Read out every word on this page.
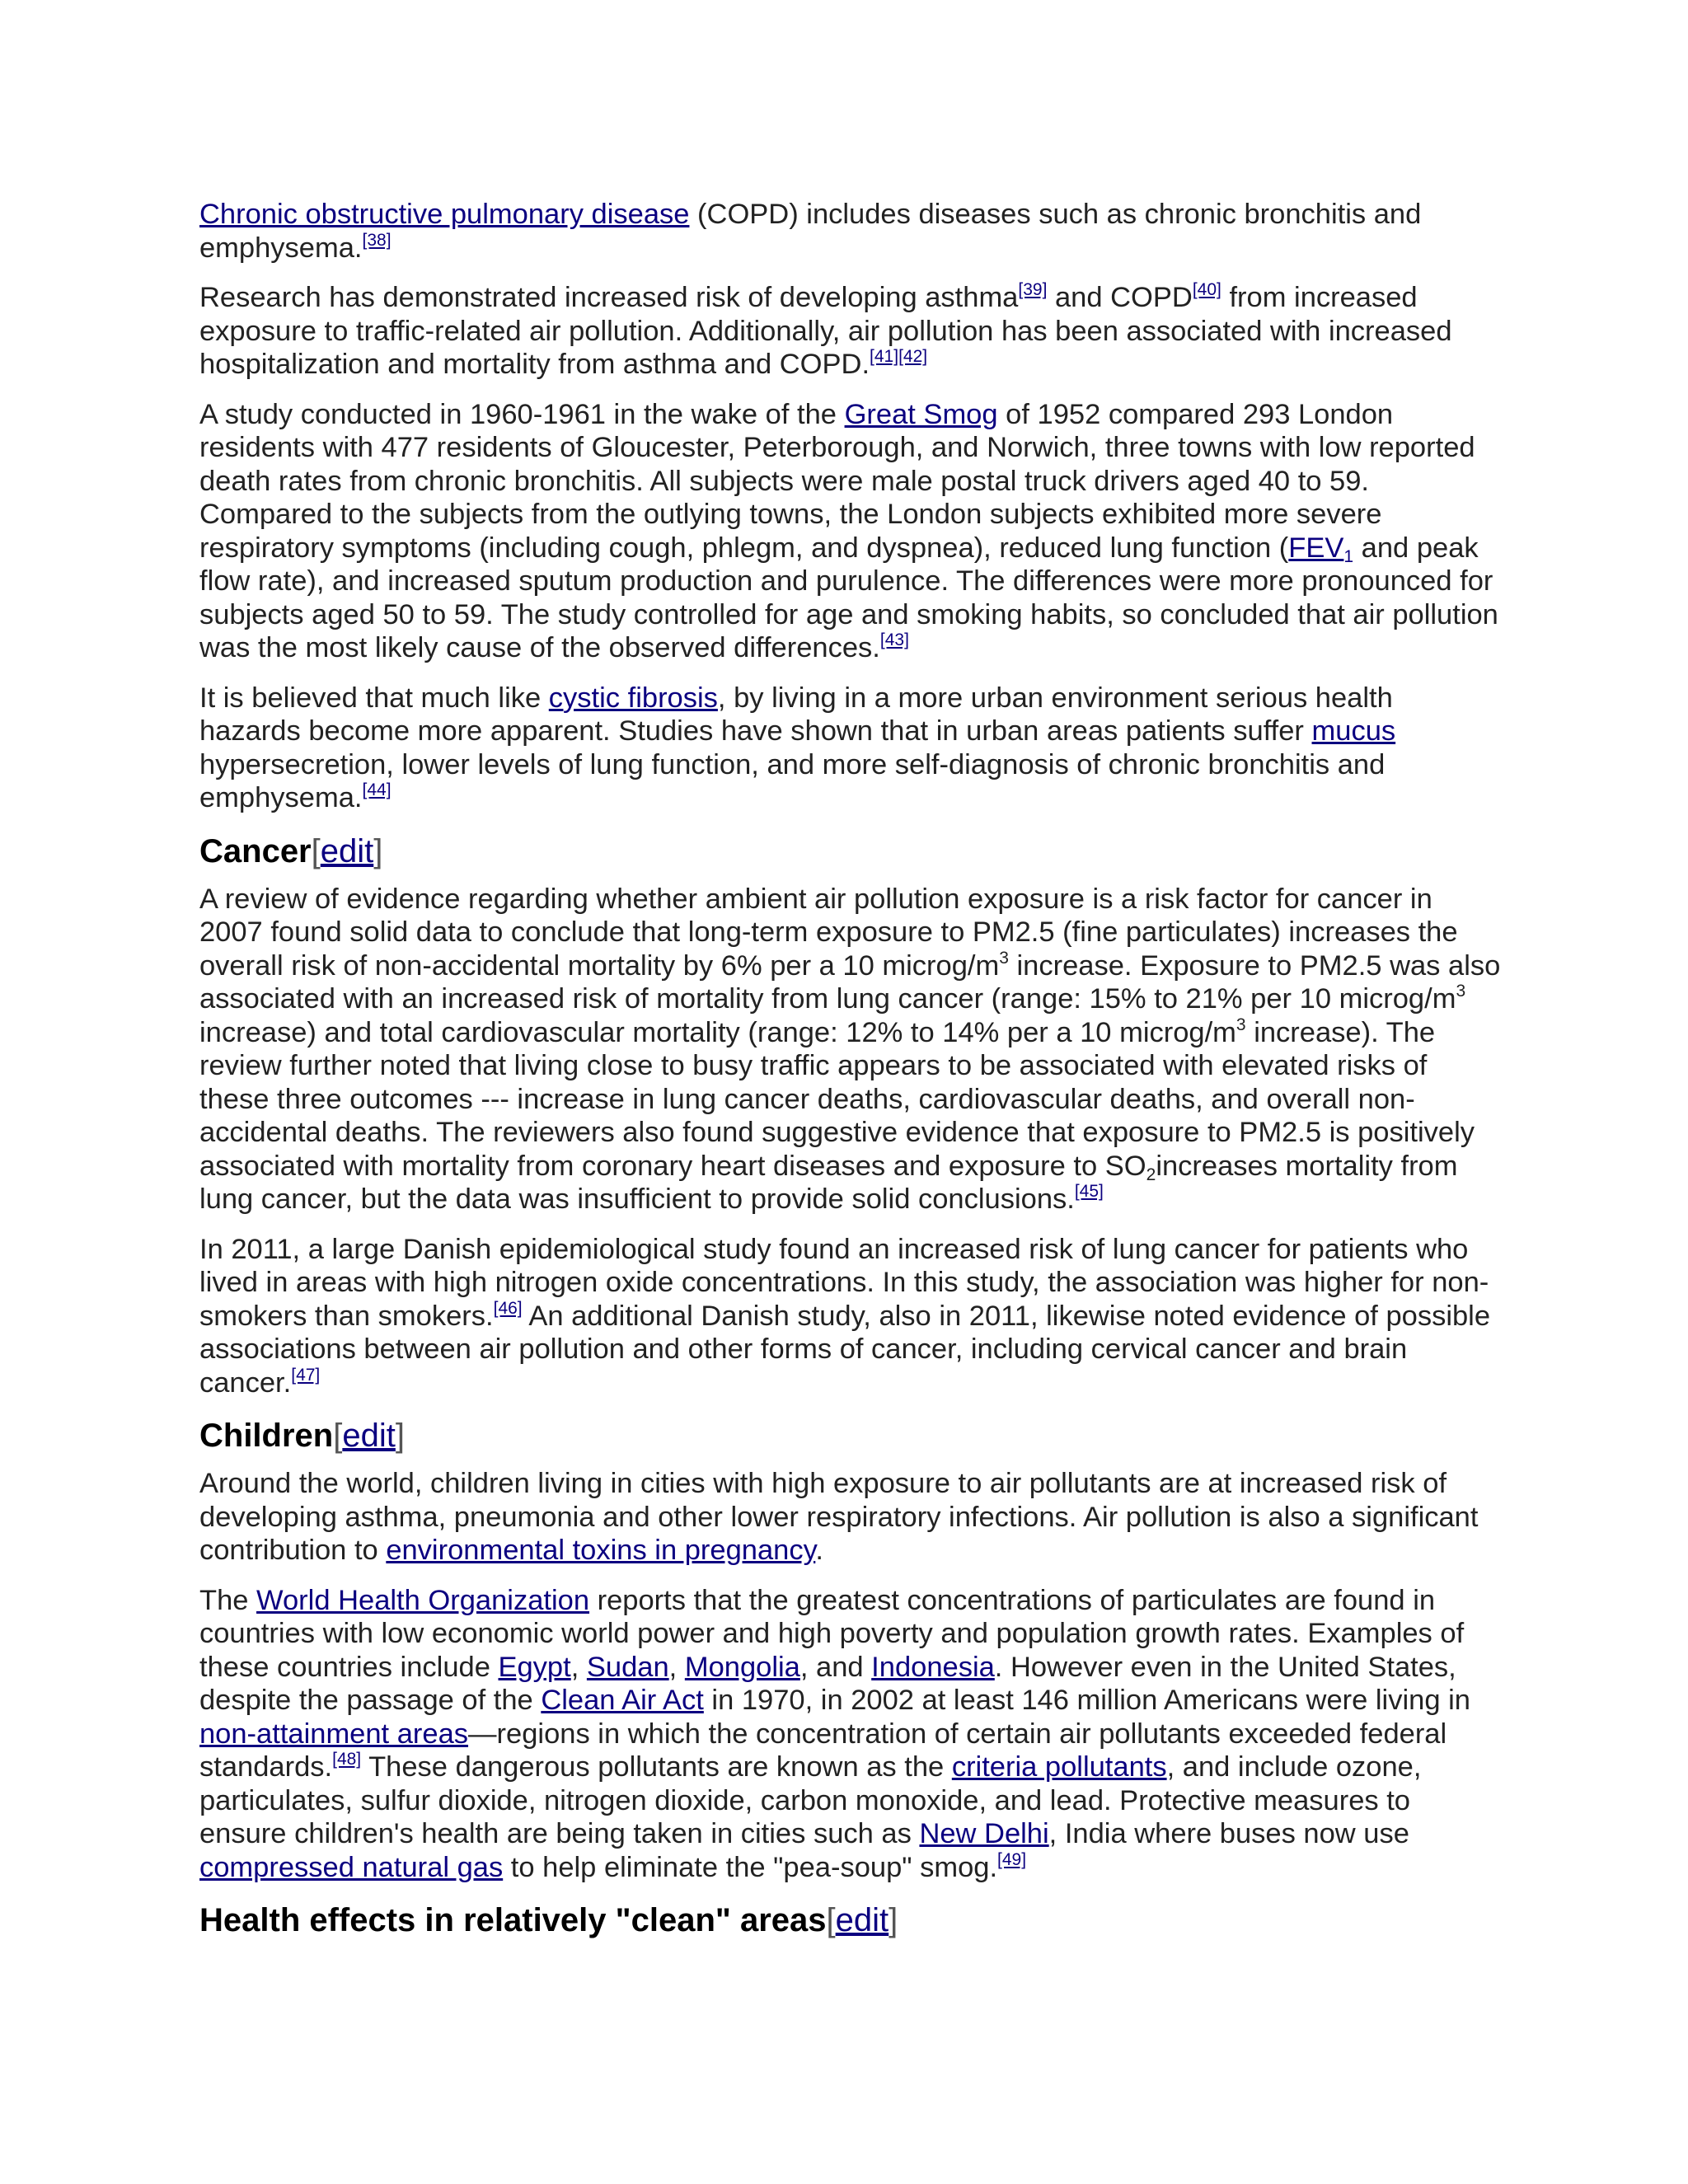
Chronic obstructive pulmonary disease (COPD) includes diseases such as chronic bronchitis and emphysema.[38]

Research has demonstrated increased risk of developing asthma[39] and COPD[40] from increased exposure to traffic-related air pollution. Additionally, air pollution has been associated with increased hospitalization and mortality from asthma and COPD.[41][42]

A study conducted in 1960-1961 in the wake of the Great Smog of 1952 compared 293 London residents with 477 residents of Gloucester, Peterborough, and Norwich, three towns with low reported death rates from chronic bronchitis. All subjects were male postal truck drivers aged 40 to 59. Compared to the subjects from the outlying towns, the London subjects exhibited more severe respiratory symptoms (including cough, phlegm, and dyspnea), reduced lung function ($FEV_1$ and peak flow rate), and increased sputum production and purulence. The differences were more pronounced for subjects aged 50 to 59. The study controlled for age and smoking habits, so concluded that air pollution was the most likely cause of the observed differences.[43]

It is believed that much like cystic fibrosis, by living in a more urban environment serious health hazards become more apparent. Studies have shown that in urban areas patients suffer mucus hypersecretion, lower levels of lung function, and more self-diagnosis of chronic bronchitis and emphysema.[44]

Cancer[edit]

A review of evidence regarding whether ambient air pollution exposure is a risk factor for cancer in 2007 found solid data to conclude that long-term exposure to PM2.5 (fine particulates) increases the overall risk of non-accidental mortality by 6% per a 10 microg/$m^3$ increase. Exposure to PM2.5 was also associated with an increased risk of mortality from lung cancer (range: 15% to 21% per 10 microg/$m^3$ increase) and total cardiovascular mortality (range: 12% to 14% per a 10 microg/$m^3$ increase). The review further noted that living close to busy traffic appears to be associated with elevated risks of these three outcomes --- increase in lung cancer deaths, cardiovascular deaths, and overall non-accidental deaths. The reviewers also found suggestive evidence that exposure to PM2.5 is positively associated with mortality from coronary heart diseases and exposure to $SO_2increases$ mortality from lung cancer, but the data was insufficient to provide solid conclusions.[45]

In 2011, a large Danish epidemiological study found an increased risk of lung cancer for patients who lived in areas with high nitrogen oxide concentrations. In this study, the association was higher for non-smokers than smokers.[46] An additional Danish study, also in 2011, likewise noted evidence of possible associations between air pollution and other forms of cancer, including cervical cancer and brain cancer.[47]

Children[edit]

Around the world, children living in cities with high exposure to air pollutants are at increased risk of developing asthma, pneumonia and other lower respiratory infections. Air pollution is also a significant contribution to environmental toxins in pregnancy.

The World Health Organization reports that the greatest concentrations of particulates are found in countries with low economic world power and high poverty and population growth rates. Examples of these countries include Egypt, Sudan, Mongolia, and Indonesia. However even in the United States, despite the passage of the Clean Air Act in 1970, in 2002 at least 146 million Americans were living in non-attainment areas—regions in which the concentration of certain air pollutants exceeded federal standards.[48] These dangerous pollutants are known as the criteria pollutants, and include ozone, particulates, sulfur dioxide, nitrogen dioxide, carbon monoxide, and lead. Protective measures to ensure children's health are being taken in cities such as New Delhi, India where buses now use compressed natural gas to help eliminate the "pea-soup" smog.[49]

Health effects in relatively "clean" areas[edit]
